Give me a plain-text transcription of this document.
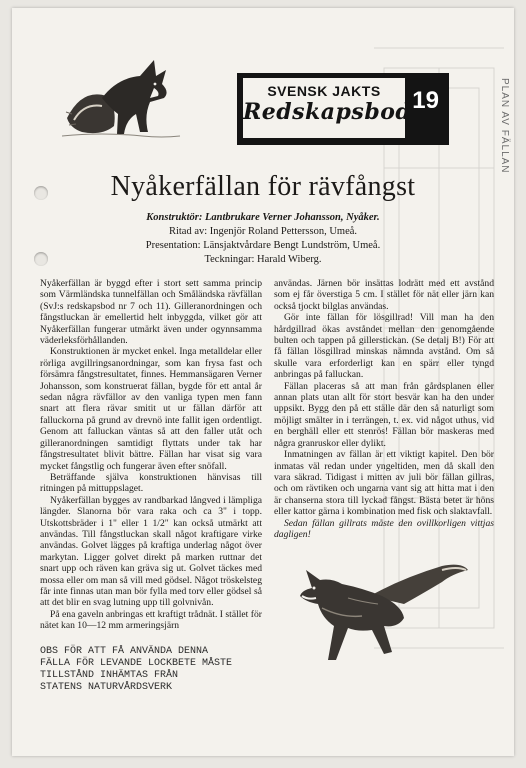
PLAN AV FÄLLAN
SVENSK JAKTS
Redskapsbod 19
Nyåkerfällan för rävfångst
Konstruktör: Lantbrukare Verner Johansson, Nyåker.
Ritad av: Ingenjör Roland Pettersson, Umeå.
Presentation: Länsjaktvårdare Bengt Lundström, Umeå.
Teckningar: Harald Wiberg.

Nyåkerfällan är byggd efter i stort sett samma princip som Värmländska tunnelfällan och Småländska rävfällan (SvJ:s redskapsbod nr 7 och 11). Gilleranordningen och fångstluckan är emellertid helt inbyggda, vilket gör att Nyåkerfällan fungerar utmärkt även under ogynnsamma väderleksförhållanden.

Konstruktionen är mycket enkel. Inga metalldelar eller rörliga avgillringsanordningar, som kan frysa fast och försämra fångstresultatet, finnes. Hemmansägaren Verner Johansson, som konstruerat fällan, bygde för ett antal år sedan några rävfällor av den vanliga typen men fann snart att flera rävar smitit ut ur fällan därför att falluckorna på grund av drevnö inte fallit igen ordentligt. Genom att falluckan väntas så att den faller utåt och gilleranordningen samtidigt flyttats under tak har fångstresultatet blivit bättre. Fällan har visat sig vara mycket fångstlig och fungerar även efter snöfall.

Beträffande själva konstruktionen hänvisas till ritningen på mittuppslaget.

Nyåkerfällan bygges av randbarkad långved i lämpliga längder. Slanorna bör vara raka och ca 3" i topp. Utskottsbräder i 1" eller 1 1/2" kan också utmärkt att användas. Till fångstluckan skall något kraftigare virke användas. Golvet lägges på kraftiga underlag något över markytan. Ligger golvet direkt på marken ruttnar det snart upp och räven kan gräva sig ut. Golvet täckes med mossa eller om man så vill med gödsel. Något tröskelsteg får inte finnas utan man bör fylla med torv eller gödsel så att det blir en svag lutning upp till golvnivån.

På ena gaveln anbringas ett kraftigt trådnät. I stället för nätet kan 10—12 mm armeringsjärn

användas. Järnen bör insättas lodrätt med ett avstånd som ej får överstiga 5 cm. I stället för nät eller järn kan också tjockt bilglas användas.

Gör inte fällan för lösgillrad! Vill man ha den hårdgillrad ökas avståndet mellan den genomgående bulten och tappen på gillerstickan. (Se detalj B!) För att få fällan lösgillrad minskas nämnda avstånd. Om så skulle vara erforderligt kan en spärr eller tyngd anbringas på falluckan.

Fällan placeras så att man från gårdsplanen eller annan plats utan allt för stort besvär kan ha den under uppsikt. Bygg den på ett ställe där den så naturligt som möjligt smälter in i terrängen, t. ex. vid något uthus, vid en berghäll eller ett stenrös! Fällan bör maskeras med några granruskor eller dylikt.

Inmatningen av fällan är ett viktigt kapitel. Den bör inmatas väl redan under yngeltiden, men då skall den vara säkrad. Tidigast i mitten av juli bör fällan gillras, och om rävtiken och ungarna vant sig att hitta mat i den är chanserna stora till lyckad fångst. Bästa betet är höns eller kattor gärna i kombination med fisk och slaktavfall.

Sedan fällan gillrats måste den ovillkorligen vittjas dagligen!

OBS FÖR ATT FÅ ANVÄNDA DENNA
FÄLLA FÖR LEVANDE LOCKBETE MÅSTE
TILLSTÅND INHÄMTAS FRÅN
STATENS NATURVÅRDSVERK
